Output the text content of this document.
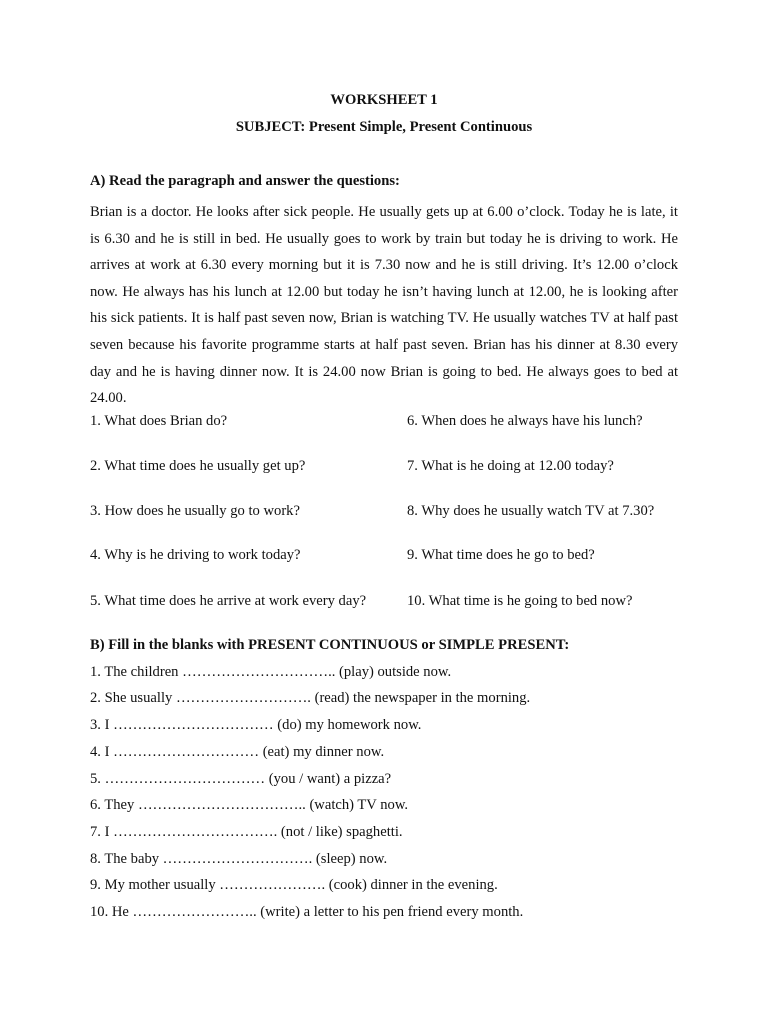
WORKSHEET 1

SUBJECT: Present Simple, Present Continuous

A) Read the paragraph and answer the questions:

Brian is a doctor. He looks after sick people. He usually gets up at 6.00 o’clock. Today he is late, it is 6.30 and he is still in bed. He usually goes to work by train but today he is driving to work. He arrives at work at 6.30 every morning but it is 7.30 now and he is still driving. It’s 12.00 o’clock now. He always has his lunch at 12.00 but today he isn’t having lunch at 12.00, he is looking after his sick patients. It is half past seven now, Brian is watching TV. He usually watches TV at half past seven because his favorite programme starts at half past seven. Brian has his dinner at 8.30 every day and he is having dinner now. It is 24.00 now Brian is going to bed. He always goes to bed at 24.00.

1. What does Brian do?

2. What time does he usually get up?

3. How does he usually go to work?

4. Why is he driving to work today?

5. What time does he arrive at work every day?

6. When does he always have his lunch?

7. What is he doing at 12.00 today?

8. Why does he usually watch TV at 7.30?

9. What time does he go to bed?

10. What time is he going to bed now?

B) Fill in the blanks with PRESENT CONTINUOUS or SIMPLE PRESENT:

1. The children ………………………….. (play) outside now.

2. She usually ………………………. (read) the newspaper in the morning.

3. I …………………………… (do) my homework now.

4. I ………………………… (eat) my dinner now.

5. …………………………… (you / want) a pizza?

6. They …………………………….. (watch) TV now.

7. I ……………………………. (not / like) spaghetti.

8. The baby …………………………. (sleep) now.

9. My mother usually …………………. (cook) dinner in the evening.

10. He …………………….. (write) a letter to his pen friend every month.
